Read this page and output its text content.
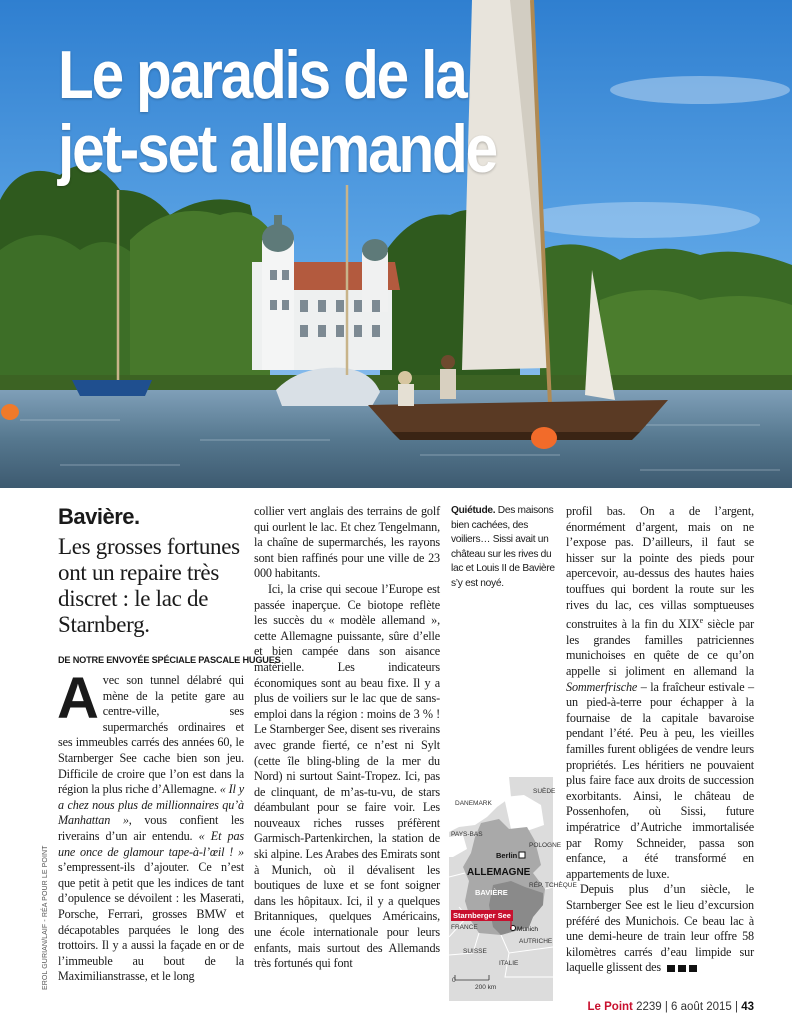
Le paradis de la
jet-set allemande
Bavière.
Les grosses fortunes ont un repaire très discret : le lac de Starnberg.
DE NOTRE ENVOYÉE SPÉCIALE PASCALE HUGUES

Avec son tunnel délabré qui mène de la petite gare au centre-ville, ses supermarchés ordinaires et ses immeubles carrés des années 60, le Starnberger See cache bien son jeu. Difficile de croire que l’on est dans la région la plus riche d’Allemagne. « Il y a chez nous plus de millionnaires qu’à Manhattan », vous confient les riverains d’un air entendu. « Et pas une once de glamour tape-à-l’œil ! » s’empressent-ils d’ajouter. Ce n’est que petit à petit que les indices de tant d’opulence se dévoilent : les Maserati, Porsche, Ferrari, grosses BMW et décapotables parquées le long des trottoirs. Il y a aussi la façade en or de l’immeuble au bout de la Maximilianstrasse, et le long

collier vert anglais des terrains de golf qui ourlent le lac. Et chez Tengelmann, la chaîne de supermarchés, les rayons sont bien raffinés pour une ville de 23 000 habitants.

Ici, la crise qui secoue l’Europe est passée inaperçue. Ce biotope reflète les succès du « modèle allemand », cette Allemagne puissante, sûre d’elle et bien campée dans son aisance matérielle. Les indicateurs économiques sont au beau fixe. Il y a plus de voiliers sur le lac que de sans-emploi dans la région : moins de 3 % ! Le Starnberger See, disent ses riverains avec grande fierté, ce n’est ni Sylt (cette île bling-bling de la mer du Nord) ni surtout Saint-Tropez. Ici, pas de clinquant, de m’as-tu-vu, de stars déambulant pour se faire voir. Les nouveaux riches russes préfèrent Garmisch-Partenkirchen, la station de ski alpine. Les Arabes des Emirats sont à Munich, où il dévalisent les boutiques de luxe et se font soigner dans les hôpitaux. Ici, il y a quelques Britanniques, quelques Américains, une école internationale pour leurs enfants, mais surtout des Allemands très fortunés qui font

Quiétude. Des maisons bien cachées, des voiliers… Sissi avait un château sur les rives du lac et Louis II de Bavière s’y est noyé.
SUÈDE
DANEMARK
PAYS-BAS
POLOGNE
Berlin
ALLEMAGNE
RÉP. TCHÈQUE
BAVIÈRE
Starnberger See
FRANCE	Munich
AUTRICHE
SUISSE
ITALIE
0
200 km

profil bas. On a de l’argent, énormément d’argent, mais on ne l’expose pas. D’ailleurs, il faut se hisser sur la pointe des pieds pour apercevoir, au-dessus des hautes haies touffues qui bordent la route sur les rives du lac, ces villas somptueuses construites à la fin du XIXe siècle par les grandes familles patriciennes munichoises en quête de ce qu’on appelle si joliment en allemand la Sommerfrische – la fraîcheur estivale – un pied-à-terre pour échapper à la fournaise de la capitale bavaroise pendant l’été. Peu à peu, les vieilles familles furent obligées de vendre leurs propriétés. Les héritiers ne pouvaient plus faire face aux droits de succession exorbitants. Ainsi, le château de Possenhofen, où Sissi, future impératrice d’Autriche immortalisée par Romy Schneider, passa son enfance, a été transformé en appartements de luxe.

Depuis plus d’un siècle, le Starnberger See est le lieu d’excursion préféré des Munichois. Ce beau lac à une demi-heure de train leur offre 58 kilomètres carrés d’eau limpide sur laquelle glissent des

EROL GURIAN/LAIF - RÉA POUR LE POINT
Le Point 2239 | 6 août 2015 | 43
